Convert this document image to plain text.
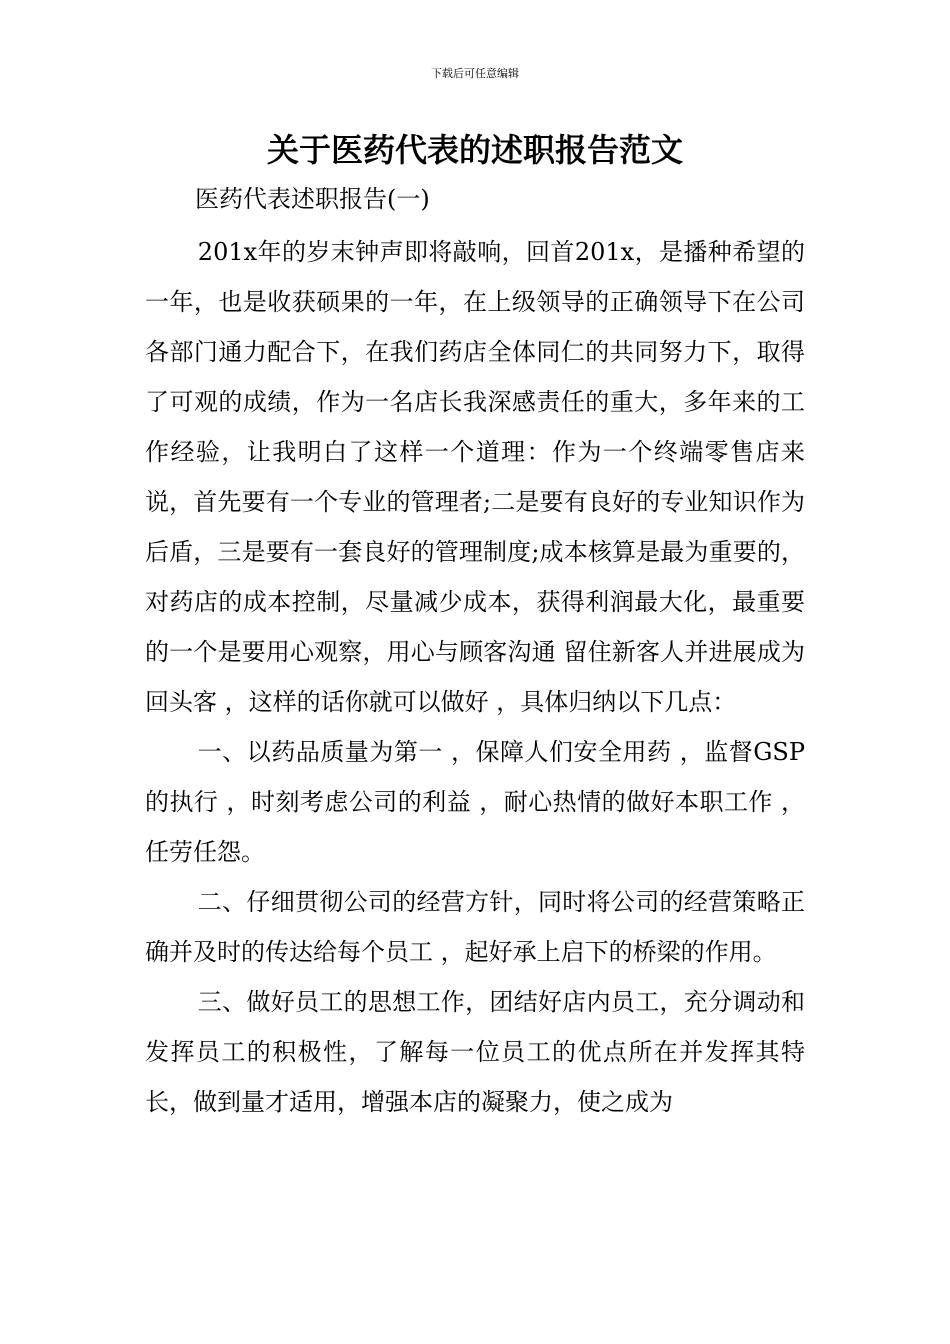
下载后可任意编辑
关于医药代表的述职报告范文

医药代表述职报告(一)

201x年的岁末钟声即将敲响，回首201x，是播种希望的一年，也是收获硕果的一年，在上级领导的正确领导下在公司各部门通力配合下，在我们药店全体同仁的共同努力下，取得了可观的成绩，作为一名店长我深感责任的重大，多年来的工作经验，让我明白了这样一个道理：作为一个终端零售店来说，首先要有一个专业的管理者;二是要有良好的专业知识作为后盾，三是要有一套良好的管理制度;成本核算是最为重要的，对药店的成本控制，尽量减少成本，获得利润最大化，最重要的一个是要用心观察，用心与顾客沟通 留住新客人并进展成为回头客 ，这样的话你就可以做好 ，具体归纳以下几点：

一、以药品质量为第一 ，保障人们安全用药 ，监督GSP的执行 ，时刻考虑公司的利益 ，耐心热情的做好本职工作 ，任劳任怨。

二、仔细贯彻公司的经营方针，同时将公司的经营策略正确并及时的传达给每个员工 ，起好承上启下的桥梁的作用。

三、做好员工的思想工作，团结好店内员工，充分调动和发挥员工的积极性，了解每一位员工的优点所在并发挥其特长，做到量才适用，增强本店的凝聚力，使之成为
